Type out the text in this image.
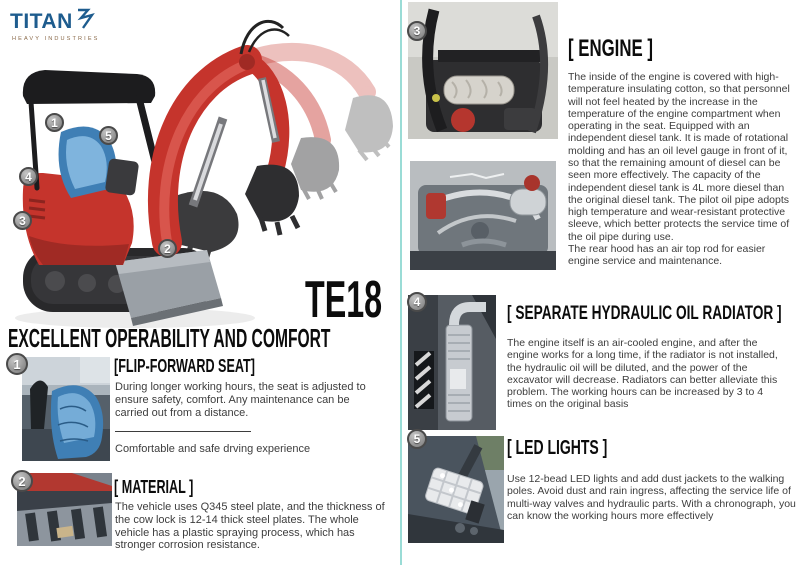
TITAN
HEAVY INDUSTRIES
1
5
4
3
2
TE18
EXCELLENT OPERABILITY AND COMFORT
1	[FLIP-FORWARD SEAT]
During longer working hours, the seat is adjusted to ensure safety, comfort. Any maintenance can be carried out from a distance.
Comfortable and safe drving experience
2	[ MATERIAL ]
The vehicle uses Q345 steel plate, and the thickness of the cow lock is 12-14 thick steel plates. The whole vehicle has a plastic spraying process, which has stronger corrosion resistance.
3
[ ENGINE ]

The inside of the engine is covered with high-temperature insulating cotton, so that personnel will not feel heated by the increase in the temperature of the engine compartment when operating in the seat. Equipped with an independent diesel tank. It is made of rotational molding and has an oil level gauge in front of it, so that the remaining amount of diesel can be seen more effectively. The capacity of the independent diesel tank is 4L more diesel than the original diesel tank. The pilot oil pipe adopts high temperature and wear-resistant protective sleeve, which better protects the service time of the oil pipe during use.

The rear hood has an air top rod for easier engine service and maintenance.

4
[ SEPARATE HYDRAULIC OIL RADIATOR ]
The engine itself is an air-cooled engine, and after the engine works for a long time, if the radiator is not installed, the hydraulic oil will be diluted, and the power of the excavator will decrease. Radiators can better alleviate this problem. The working hours can be increased by 3 to 4 times on the original basis
5	[ LED LIGHTS ]
Use 12-bead LED lights and add dust jackets to the walking poles. Avoid dust and rain ingress, affecting the service life of multi-way valves and hydraulic parts. With a chronograph, you can know the working hours more effectively
